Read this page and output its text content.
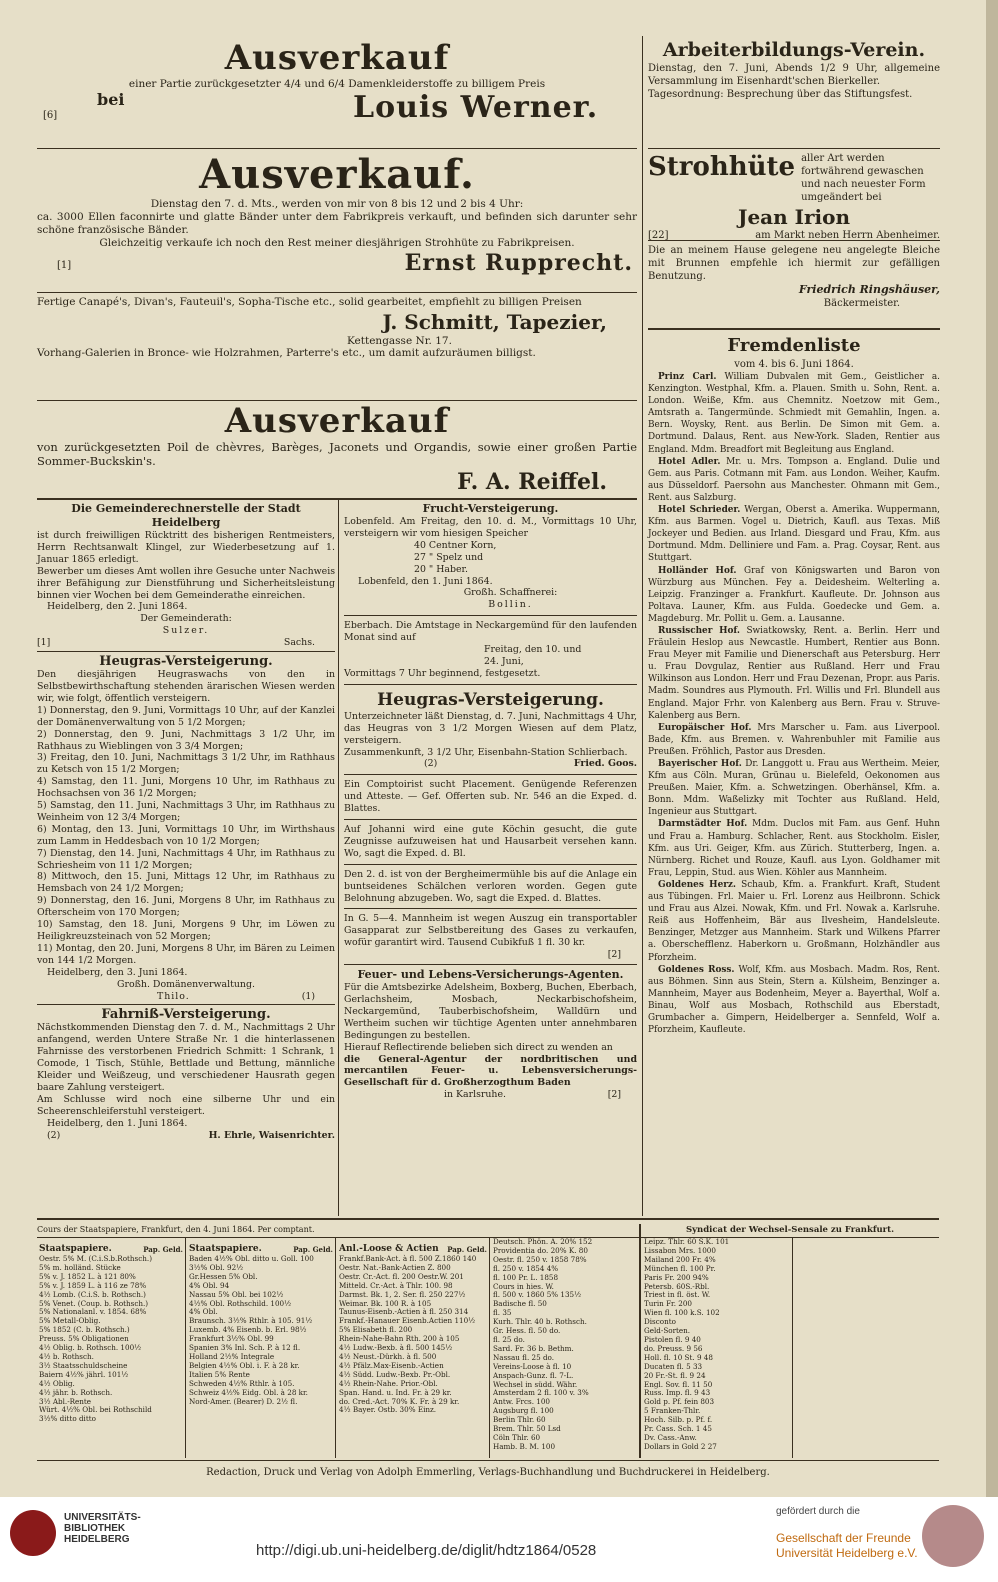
Ausverkauf

einer Partie zurückgesetzter 4/4 und 6/4 Damenkleiderstoffe zu billigem Preis

bei
[6]	Louis Werner.
Ausverkauf.

Dienstag den 7. d. Mts., werden von mir von 8 bis 12 und 2 bis 4 Uhr:

ca. 3000 Ellen faconnirte und glatte Bänder unter dem Fabrikpreis verkauft, und befinden sich darunter sehr schöne französische Bänder.

Gleichzeitig verkaufe ich noch den Rest meiner diesjährigen Strohhüte zu Fabrikpreisen.

[1]	Ernst Rupprecht.

Fertige Canapé's, Divan's, Fauteuil's, Sopha-Tische etc., solid gearbeitet, empfiehlt zu billigen Preisen

J. Schmitt, Tapezier,

Kettengasse Nr. 17.

Vorhang-Galerien in Bronce- wie Holzrahmen, Parterre's etc., um damit aufzuräumen billigst.

Ausverkauf

von zurückgesetzten Poil de chèvres, Barèges, Jaconets und Organdis, sowie einer großen Partie Sommer-Buckskin's.

F. A. Reiffel.

Arbeiterbildungs-Verein.

Dienstag, den 7. Juni, Abends 1/2 9 Uhr, allgemeine Versammlung im Eisenhardt'schen Bierkeller.

Tagesordnung: Besprechung über das Stiftungsfest.

Strohhüte aller Art werden fortwährend gewaschen und nach neuester Form umgeändert bei

Jean Irion

[22]	am Markt neben Herrn Abenheimer.

Die an meinem Hause gelegene neu angelegte Bleiche mit Brunnen empfehle ich hiermit zur gefälligen Benutzung.

Friedrich Ringshäuser,

Bäckermeister.

Fremdenliste

vom 4. bis 6. Juni 1864.

Prinz Carl. William Dubvalen mit Gem., Geistlicher a. Kenzington. Westphal, Kfm. a. Plauen. Smith u. Sohn, Rent. a. London. Weiße, Kfm. aus Chemnitz. Noetzow mit Gem., Amtsrath a. Tangermünde. Schmiedt mit Gemahlin, Ingen. a. Bern. Woysky, Rent. aus Berlin. De Simon mit Gem. a. Dortmund. Dalaus, Rent. aus New-York. Sladen, Rentier aus England. Mdm. Breadfort mit Begleitung aus England.

Hotel Adler. Mr. u. Mrs. Tompson a. England. Dulie und Gem. aus Paris. Cotmann mit Fam. aus London. Weiher, Kaufm. aus Düsseldorf. Paersohn aus Manchester. Ohmann mit Gem., Rent. aus Salzburg.

Hotel Schrieder. Wergan, Oberst a. Amerika. Wuppermann, Kfm. aus Barmen. Vogel u. Dietrich, Kaufl. aus Texas. Miß Jockeyer und Bedien. aus Irland. Diesgard und Frau, Kfm. aus Dortmund. Mdm. Delliniere und Fam. a. Prag. Coysar, Rent. aus Stuttgart.

Holländer Hof. Graf von Königswarten und Baron von Würzburg aus München. Fey a. Deidesheim. Welterling a. Leipzig. Franzinger a. Frankfurt. Kaufleute. Dr. Johnson aus Poltava. Launer, Kfm. aus Fulda. Goedecke und Gem. a. Magdeburg. Mr. Pollit u. Gem. a. Lausanne.

Russischer Hof. Swiatkowsky, Rent. a. Berlin. Herr und Fräulein Heslop aus Newcastle. Humbert, Rentier aus Bonn. Frau Meyer mit Familie und Dienerschaft aus Petersburg. Herr u. Frau Dovgulaz, Rentier aus Rußland. Herr und Frau Wilkinson aus London. Herr und Frau Dezenan, Propr. aus Paris. Madm. Soundres aus Plymouth. Frl. Willis und Frl. Blundell aus England. Major Frhr. von Kalenberg aus Bern. Frau v. Struve-Kalenberg aus Bern.

Europäischer Hof. Mrs Marscher u. Fam. aus Liverpool. Bade, Kfm. aus Bremen. v. Wahrenbuhler mit Familie aus Preußen. Fröhlich, Pastor aus Dresden.

Bayerischer Hof. Dr. Langgott u. Frau aus Wertheim. Meier, Kfm aus Cöln. Muran, Grünau u. Bielefeld, Oekonomen aus Preußen. Maier, Kfm. a. Schwetzingen. Oberhänsel, Kfm. a. Bonn. Mdm. Waßelizky mit Tochter aus Rußland. Held, Ingenieur aus Stuttgart.

Darmstädter Hof. Mdm. Duclos mit Fam. aus Genf. Huhn und Frau a. Hamburg. Schlacher, Rent. aus Stockholm. Eisler, Kfm. aus Uri. Geiger, Kfm. aus Zürich. Stutterberg, Ingen. a. Nürnberg. Richet und Rouze, Kaufl. aus Lyon. Goldhamer mit Frau, Leppin, Stud. aus Wien. Köhler aus Mannheim.

Goldenes Herz. Schaub, Kfm. a. Frankfurt. Kraft, Student aus Tübingen. Frl. Maier u. Frl. Lorenz aus Heilbronn. Schick und Frau aus Alzei. Nowak, Kfm. und Frl. Nowak a. Karlsruhe. Reiß aus Hoffenheim, Bär aus Ilvesheim, Handelsleute. Benzinger, Metzger aus Mannheim. Stark und Wilkens Pfarrer a. Oberschefflenz. Haberkorn u. Großmann, Holzhändler aus Pforzheim.

Goldenes Ross. Wolf, Kfm. aus Mosbach. Madm. Ros, Rent. aus Böhmen. Sinn aus Stein, Stern a. Külsheim, Benzinger a. Mannheim, Mayer aus Bodenheim, Meyer a. Bayerthal, Wolf a. Binau, Wolf aus Mosbach, Rothschild aus Eberstadt, Grumbacher a. Gimpern, Heidelberger a. Sennfeld, Wolf a. Pforzheim, Kaufleute.

Die Gemeinderechnerstelle der Stadt Heidelberg

ist durch freiwilligen Rücktritt des bisherigen Rentmeisters, Herrn Rechtsanwalt Klingel, zur Wiederbesetzung auf 1. Januar 1865 erledigt.

Bewerber um dieses Amt wollen ihre Gesuche unter Nachweis ihrer Befähigung zur Dienstführung und Sicherheitsleistung binnen vier Wochen bei dem Gemeinderathe einreichen.

Heidelberg, den 2. Juni 1864.

Der Gemeinderath:

Sulzer.

[1]	Sachs.

Heugras-Versteigerung.

Den diesjährigen Heugraswachs von den in Selbstbewirthschaftung stehenden ärarischen Wiesen werden wir, wie folgt, öffentlich versteigern.

1) Donnerstag, den 9. Juni, Vormittags 10 Uhr, auf der Kanzlei der Domänenverwaltung von 5 1/2 Morgen;
2) Donnerstag, den 9. Juni, Nachmittags 3 1/2 Uhr, im Rathhaus zu Wieblingen von 3 3/4 Morgen;
3) Freitag, den 10. Juni, Nachmittags 3 1/2 Uhr, im Rathhaus zu Ketsch von 15 1/2 Morgen;
4) Samstag, den 11. Juni, Morgens 10 Uhr, im Rathhaus zu Hochsachsen von 36 1/2 Morgen;
5) Samstag, den 11. Juni, Nachmittags 3 Uhr, im Rathhaus zu Weinheim von 12 3/4 Morgen;
6) Montag, den 13. Juni, Vormittags 10 Uhr, im Wirthshaus zum Lamm in Heddesbach von 10 1/2 Morgen;
7) Dienstag, den 14. Juni, Nachmittags 4 Uhr, im Rathhaus zu Schriesheim von 11 1/2 Morgen;
8) Mittwoch, den 15. Juni, Mittags 12 Uhr, im Rathhaus zu Hemsbach von 24 1/2 Morgen;
9) Donnerstag, den 16. Juni, Morgens 8 Uhr, im Rathhaus zu Ofterscheim von 170 Morgen;
10) Samstag, den 18. Juni, Morgens 9 Uhr, im Löwen zu Heiligkreuzsteinach von 52 Morgen;
11) Montag, den 20. Juni, Morgens 8 Uhr, im Bären zu Leimen von 144 1/2 Morgen.

Heidelberg, den 3. Juni 1864.

Großh. Domänenverwaltung.

Thilo.	(1)

Fahrniß-Versteigerung.

Nächstkommenden Dienstag den 7. d. M., Nachmittags 2 Uhr anfangend, werden Untere Straße Nr. 1 die hinterlassenen Fahrnisse des verstorbenen Friedrich Schmitt: 1 Schrank, 1 Comode, 1 Tisch, Stühle, Bettlade und Bettung, männliche Kleider und Weißzeug, und verschiedener Hausrath gegen baare Zahlung versteigert.

Am Schlusse wird noch eine silberne Uhr und ein Scheerenschleiferstuhl versteigert.

Heidelberg, den 1. Juni 1864.

(2)	H. Ehrle, Waisenrichter.

Frucht-Versteigerung.

Lobenfeld. Am Freitag, den 10. d. M., Vormittags 10 Uhr, versteigern wir vom hiesigen Speicher

40 Centner Korn,
27 " Spelz und
20 " Haber.

Lobenfeld, den 1. Juni 1864.

Großh. Schaffnerei:

Bollin.

Eberbach. Die Amtstage in Neckargemünd für den laufenden Monat sind auf

Freitag, den 10. und
24. Juni,

Vormittags 7 Uhr beginnend, festgesetzt.

Heugras-Versteigerung.

Unterzeichneter läßt Dienstag, d. 7. Juni, Nachmittags 4 Uhr, das Heugras von 3 1/2 Morgen Wiesen auf dem Platz, versteigern.

Zusammenkunft, 3 1/2 Uhr, Eisenbahn-Station Schlierbach.

(2)	Fried. Goos.

Ein Comptoirist sucht Placement. Genügende Referenzen und Atteste. — Gef. Offerten sub. Nr. 546 an die Exped. d. Blattes.

Auf Johanni wird eine gute Köchin gesucht, die gute Zeugnisse aufzuweisen hat und Hausarbeit versehen kann. Wo, sagt die Exped. d. Bl.

Den 2. d. ist von der Bergheimermühle bis auf die Anlage ein buntseidenes Schälchen verloren worden. Gegen gute Belohnung abzugeben. Wo, sagt die Exped. d. Blattes.

In G. 5—4. Mannheim ist wegen Auszug ein transportabler Gasapparat zur Selbstbereitung des Gases zu verkaufen, wofür garantirt wird. Tausend Cubikfuß 1 fl. 30 kr.

[2]

Feuer- und Lebens-Versicherungs-Agenten.

Für die Amtsbezirke Adelsheim, Boxberg, Buchen, Eberbach, Gerlachsheim, Mosbach, Neckarbischofsheim, Neckargemünd, Tauberbischofsheim, Walldürn und Wertheim suchen wir tüchtige Agenten unter annehmbaren Bedingungen zu bestellen.

Hierauf Reflectirende belieben sich direct zu wenden an

die General-Agentur der nordbritischen und mercantilen Feuer- u. Lebensversicherungs-Gesellschaft für d. Großherzogthum Baden

in Karlsruhe.	[2]
Cours der Staatspapiere, Frankfurt, den 4. Juni 1864. Per comptant.	Syndicat der Wechsel-Sensale zu Frankfurt.
Staatspapiere.	Pap. Geld.
Oestr. 5% M. (C.i.S.b.Rothsch.)
5% m. holländ. Stücke
5% v. J. 1852 L. à 121 80%
5% v. J. 1859 L. à 116 ze 78%
4½ Lomb. (C.i.S. b. Rothsch.)
5% Venet. (Coup. b. Rothsch.)
5% Nationalanl. v. 1854. 68%
5% Metall-Oblig.
5% 1852 (C. b. Rothsch.)
Preuss. 5% Obligationen
4½ Oblig. b. Rothsch. 100½
4½ b. Rothsch.
3½ Staatsschuldscheine
Baiern 4½% jährl. 101½
4½ Oblig.
4½ jähr. b. Rothsch.
3½ Abl.-Rente
Würt. 4½% Obl. bei Rothschild
3½% ditto ditto
Staatspapiere.	Pap. Geld.
Baden 4½% Obl. ditto u. Goll. 100
3½% Obl. 92½
Gr.Hessen 5% Obl.
4% Obl. 94
Nassau 5% Obl. bei 102½
4½% Obl. Rothschild. 100½
4% Obl.
Braunsch. 3½% Rthlr. à 105. 91½
Luxemb. 4% Eisenb. b. Erl. 98½
Frankfurt 3½% Obl. 99
Spanien 3% Inl. Sch. P. à 12 fl.
Holland 2½% Integrale
Belgien 4½% Obl. i. F. à 28 kr.
Italien 5% Rente
Schweden 4½% Rthlr. à 105.
Schweiz 4½% Eidg. Obl. à 28 kr.
Nord-Amer. (Bearer) D. 2½ fl.
Anl.-Loose & Actien Pap. Geld.
Frankf.Bank-Act. à fl. 500 Z.1860 140
Oestr. Nat.-Bank-Actien Z. 800
Oestr. Cr.-Act. fl. 200 Oestr.W. 201
Mitteld. Cr.-Act. à Thlr. 100. 98
Darmst. Bk. 1, 2. Ser. fl. 250 227½
Weimar. Bk. 100 R. à 105
Taunus-Eisenb.-Actien à fl. 250 314
Frankf.-Hanauer Eisenb.Actien 110½
5% Elisabeth fl. 200
Rhein-Nahe-Bahn Rth. 200 à 105
4½ Ludw.-Bexb. à fl. 500 145½
4½ Neust.-Dürkh. à fl. 500
4½ Pfälz.Max-Eisenb.-Actien
4½ Südd. Ludw.-Bexb. Pr.-Obl.
4½ Rhein-Nahe. Prior.-Obl.
Span. Hand. u. Ind. Fr. à 29 kr.
do. Cred.-Act. 70% K. Fr. à 29 kr.
4½ Bayer. Ostb. 30% Einz.
Deutsch. Phön. A. 20% 152
Providentia do. 20% K. 80
Oestr. fl. 250 v. 1858 78%
fl. 250 v. 1854 4%
fl. 100 Pr. L. 1858
Cours in hies. W.
fl. 500 v. 1860 5% 135½
Badische fl. 50
fl. 35
Kurh. Thlr. 40 b. Rothsch.
Gr. Hess. fl. 50 do.
fl. 25 do.
Sard. Fr. 36 b. Bethm.
Nassau fl. 25 do.
Vereins-Loose à fl. 10
Anspach-Gunz. fl. 7-L.
Wechsel in südd. Währ.
Amsterdam 2 fl. 100 v. 3%
Antw. Frcs. 100
Augsburg fl. 100
Berlin Thlr. 60
Brem. Thlr. 50 Lsd
Cöln Thlr. 60
Hamb. B. M. 100
Leipz. Thlr. 60 S.K. 101
Lissabon Mrs. 1000
Mailand 200 Fr. 4%
München fl. 100 Pr.
Paris Fr. 200 94%
Petersb. 60S.-Rbl.
Triest in fl. öst. W.
Turin Fr. 200
Wien fl. 100 k.S. 102
Disconto
Geld-Sorten.
Pistolen fl. 9 40
do. Preuss. 9 56
Holl. fl. 10 St. 9 48
Ducaten fl. 5 33
20 Fr.-St. fl. 9 24
Engl. Sov. fl. 11 50
Russ. Imp. fl. 9 43
Gold p. Pf. fein 803
5 Franken-Thlr.
Hoch. Silb. p. Pf. f.
Pr. Cass. Sch. 1 45
Dv. Cass.-Anw.
Dollars in Gold 2 27
Redaction, Druck und Verlag von Adolph Emmerling, Verlags-Buchhandlung und Buchdruckerei in Heidelberg.
UNIVERSITÄTS-
BIBLIOTHEK
HEIDELBERG
http://digi.ub.uni-heidelberg.de/diglit/hdtz1864/0528
gefördert durch die
Gesellschaft der Freunde
Universität Heidelberg e.V.
